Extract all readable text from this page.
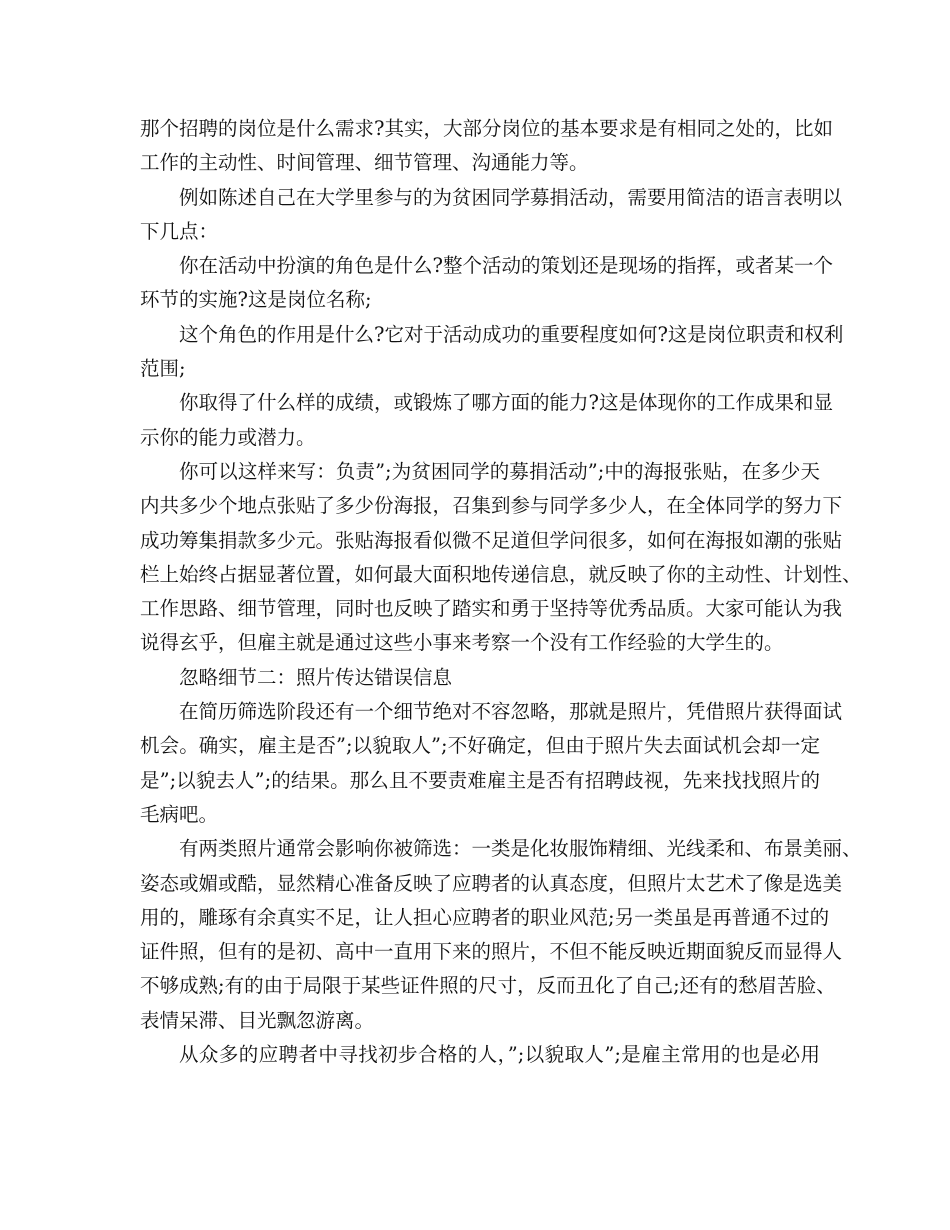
那个招聘的岗位是什么需求?其实，大部分岗位的基本要求是有相同之处的，比如
工作的主动性、时间管理、细节管理、沟通能力等。
例如陈述自己在大学里参与的为贫困同学募捐活动，需要用简洁的语言表明以
下几点：
你在活动中扮演的角色是什么?整个活动的策划还是现场的指挥，或者某一个
环节的实施?这是岗位名称;
这个角色的作用是什么?它对于活动成功的重要程度如何?这是岗位职责和权利
范围;
你取得了什么样的成绩，或锻炼了哪方面的能力?这是体现你的工作成果和显
示你的能力或潜力。
你可以这样来写：负责”;为贫困同学的募捐活动”;中的海报张贴，在多少天
内共多少个地点张贴了多少份海报，召集到参与同学多少人，在全体同学的努力下
成功筹集捐款多少元。张贴海报看似微不足道但学问很多，如何在海报如潮的张贴
栏上始终占据显著位置，如何最大面积地传递信息，就反映了你的主动性、计划性、
工作思路、细节管理，同时也反映了踏实和勇于坚持等优秀品质。大家可能认为我
说得玄乎，但雇主就是通过这些小事来考察一个没有工作经验的大学生的。
忽略细节二：照片传达错误信息
在简历筛选阶段还有一个细节绝对不容忽略，那就是照片，凭借照片获得面试
机会。确实，雇主是否”;以貌取人”;不好确定，但由于照片失去面试机会却一定
是”;以貌去人”;的结果。那么且不要责难雇主是否有招聘歧视，先来找找照片的
毛病吧。
有两类照片通常会影响你被筛选：一类是化妆服饰精细、光线柔和、布景美丽、
姿态或媚或酷，显然精心准备反映了应聘者的认真态度，但照片太艺术了像是选美
用的，雕琢有余真实不足，让人担心应聘者的职业风范;另一类虽是再普通不过的
证件照，但有的是初、高中一直用下来的照片，不但不能反映近期面貌反而显得人
不够成熟;有的由于局限于某些证件照的尺寸，反而丑化了自己;还有的愁眉苦脸、
表情呆滞、目光飘忽游离。
从众多的应聘者中寻找初步合格的人，”;以貌取人”;是雇主常用的也是必用
